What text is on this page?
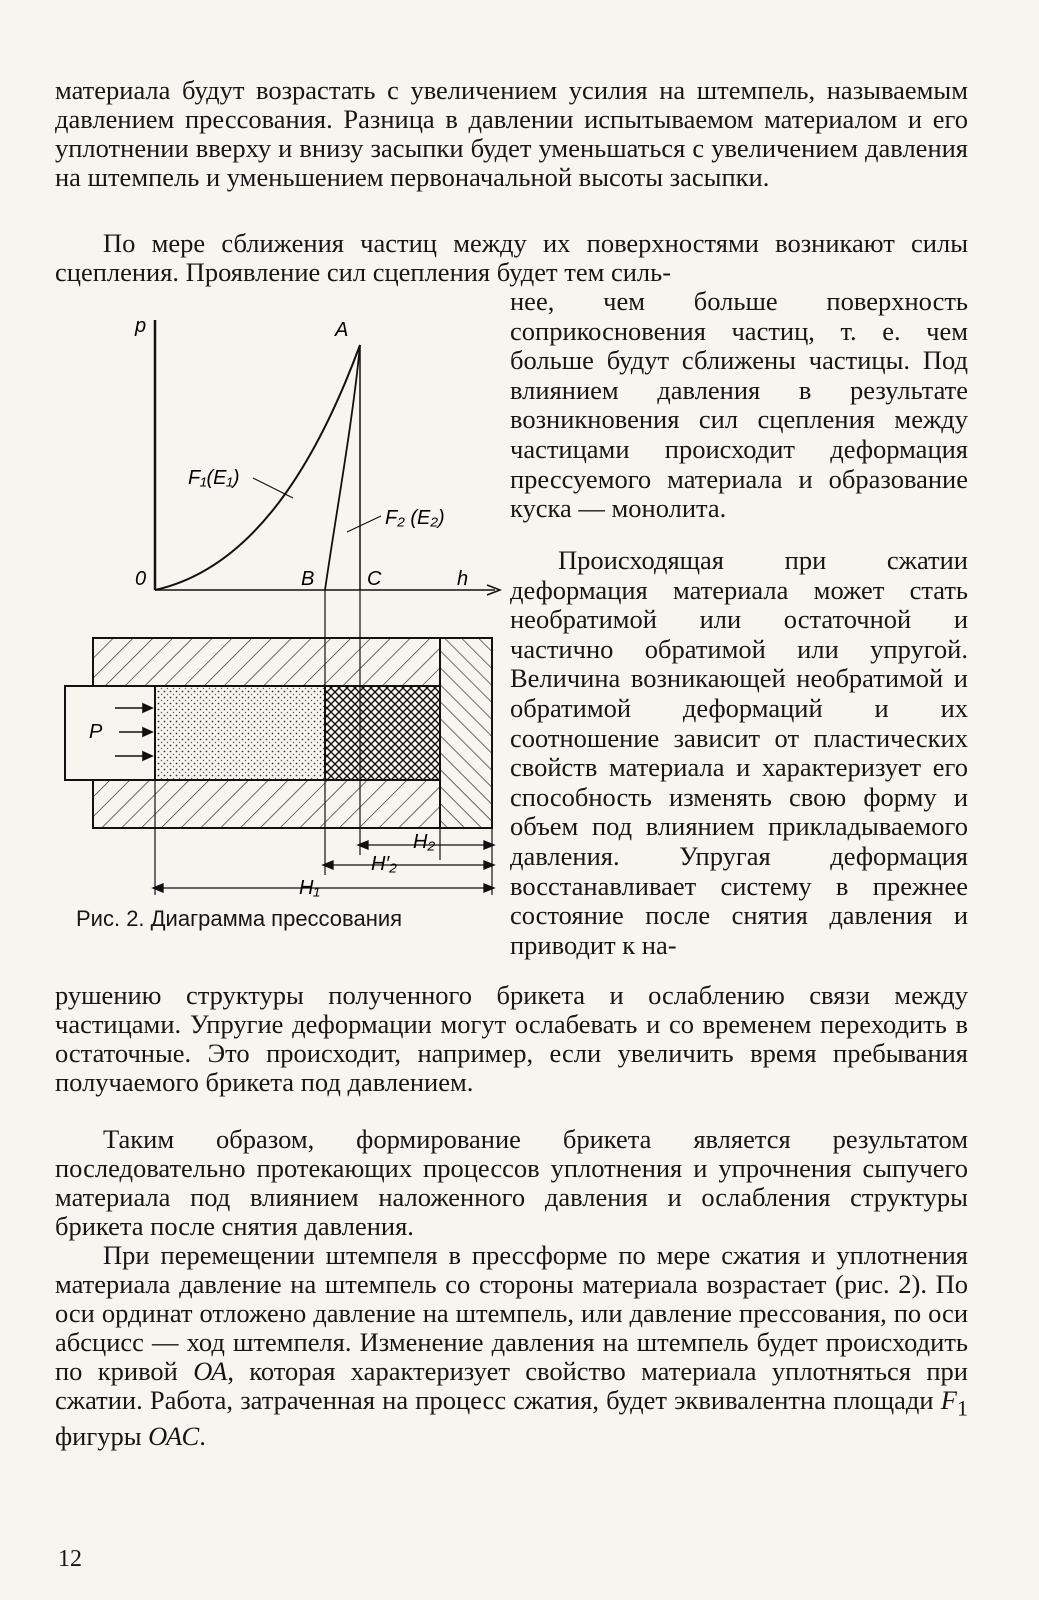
материала будут возрастать с увеличением усилия на штемпель, называемым давлением прессования. Разница в давлении испытываемом материалом и его уплотнении вверху и внизу засыпки будет уменьшаться с увеличением давления на штемпель и уменьшением первоначальной высоты засыпки.

По мере сближения частиц между их поверхностями возникают силы сцепления. Проявление сил сцепления будет тем силь-

нее, чем больше поверхность соприкосновения частиц, т. е. чем больше будут сближены частицы. Под влиянием давления в результате возникновения сил сцепления между частицами происходит деформация прессуемого материала и образование куска — монолита.

Происходящая при сжатии деформация материала может стать необратимой или остаточной и частично обратимой или упругой. Величина возникающей необратимой и обратимой деформаций и их соотношение зависит от пластических свойств материала и характеризует его способность изменять свою форму и объем под влиянием прикладываемого давления. Упругая деформация восстанавливает систему в прежнее состояние после снятия давления и приводит к на-

рушению структуры полученного брикета и ослаблению связи между частицами. Упругие деформации могут ослабевать и со временем переходить в остаточные. Это происходит, например, если увеличить время пребывания получаемого брикета под давлением.

Таким образом, формирование брикета является результатом последовательно протекающих процессов уплотнения и упрочнения сыпучего материала под влиянием наложенного давления и ослабления структуры брикета после снятия давления.

При перемещении штемпеля в прессформе по мере сжатия и уплотнения материала давление на штемпель со стороны материала возрастает (рис. 2). По оси ординат отложено давление на штемпель, или давление прессования, по оси абсцисс — ход штемпеля. Изменение давления на штемпель будет происходить по кривой ОА, которая характеризует свойство материала уплотняться при сжатии. Работа, затраченная на процесс сжатия, будет эквивалентна площади $F_1$ фигуры ОАС.

p	A
0	B	C	h
F₁(E₁)
F₂ (E₂)
P
H₂
H′₂
H₁
Рис. 2. Диаграмма прессования
12
